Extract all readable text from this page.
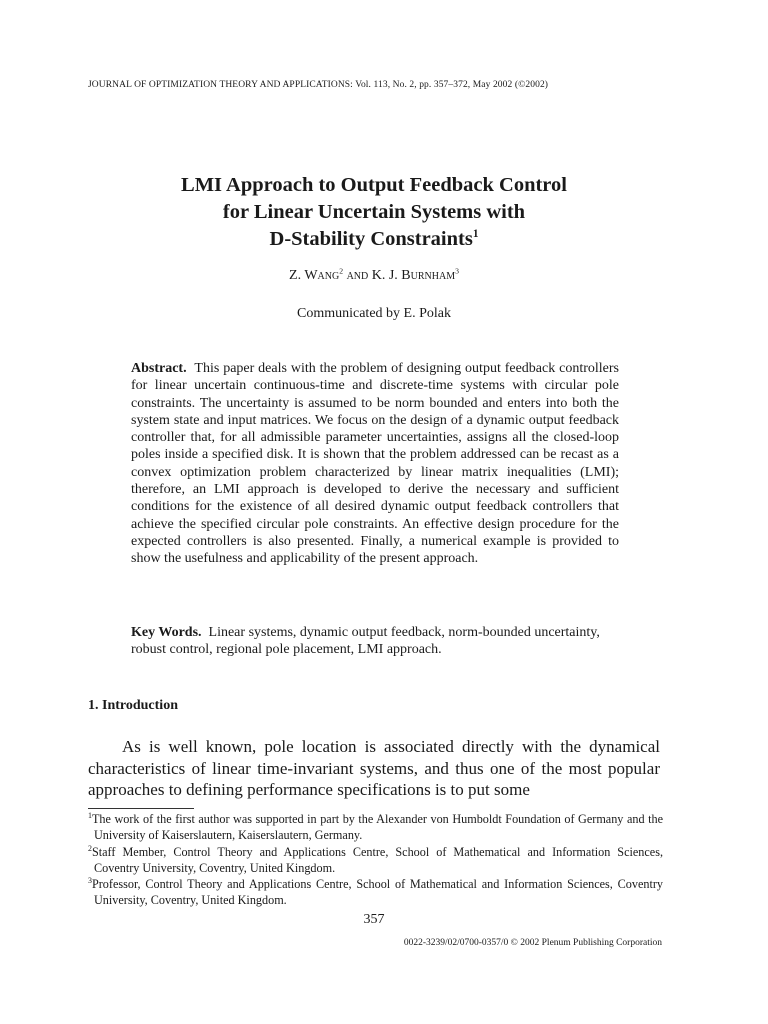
JOURNAL OF OPTIMIZATION THEORY AND APPLICATIONS: Vol. 113, No. 2, pp. 357–372, May 2002 (©2002)
LMI Approach to Output Feedback Control
for Linear Uncertain Systems with
D-Stability Constraints$^1$
Z. Wang$^2$ and K. J. Burnham$^3$
Communicated by E. Polak
Abstract. This paper deals with the problem of designing output feedback controllers for linear uncertain continuous-time and discrete-time systems with circular pole constraints. The uncertainty is assumed to be norm bounded and enters into both the system state and input matrices. We focus on the design of a dynamic output feedback controller that, for all admissible parameter uncertainties, assigns all the closed-loop poles inside a specified disk. It is shown that the problem addressed can be recast as a convex optimization problem characterized by linear matrix inequalities (LMI); therefore, an LMI approach is developed to derive the necessary and sufficient conditions for the existence of all desired dynamic output feedback controllers that achieve the specified circular pole constraints. An effective design procedure for the expected controllers is also presented. Finally, a numerical example is provided to show the usefulness and applicability of the present approach.
Key Words. Linear systems, dynamic output feedback, norm-bounded uncertainty, robust control, regional pole placement, LMI approach.
1. Introduction
As is well known, pole location is associated directly with the dynamical characteristics of linear time-invariant systems, and thus one of the most popular approaches to defining performance specifications is to put some
$^1$The work of the first author was supported in part by the Alexander von Humboldt Foundation of Germany and the University of Kaiserslautern, Kaiserslautern, Germany.
$^2$Staff Member, Control Theory and Applications Centre, School of Mathematical and Information Sciences, Coventry University, Coventry, United Kingdom.
$^3$Professor, Control Theory and Applications Centre, School of Mathematical and Information Sciences, Coventry University, Coventry, United Kingdom.
357
0022-3239/02/0700-0357/0 © 2002 Plenum Publishing Corporation
